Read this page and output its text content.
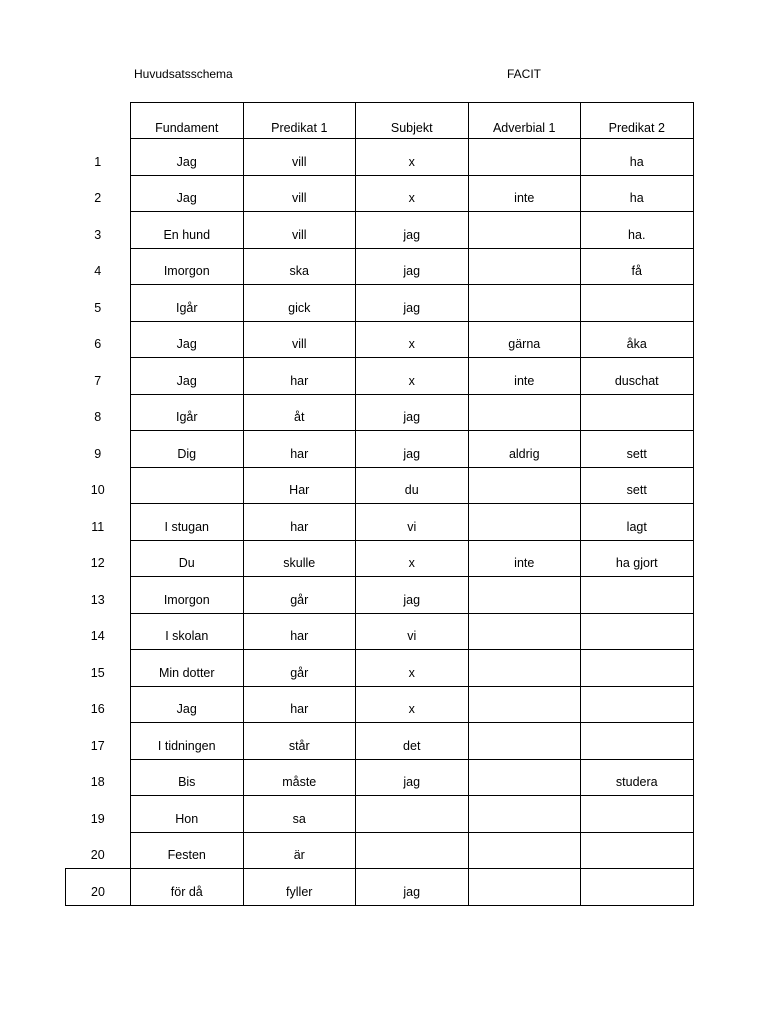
Huvudsatsschema	FACIT
	Fundament	Predikat 1	Subjekt	Adverbial 1	Predikat 2
1	Jag	vill	x		ha
2	Jag	vill	x	inte	ha
3	En hund	vill	jag		ha.
4	Imorgon	ska	jag		få
5	Igår	gick	jag		
6	Jag	vill	x	gärna	åka
7	Jag	har	x	inte	duschat
8	Igår	åt	jag		
9	Dig	har	jag	aldrig	sett
10		Har	du		sett
11	I stugan	har	vi		lagt
12	Du	skulle	x	inte	ha gjort
13	Imorgon	går	jag		
14	I skolan	har	vi		
15	Min dotter	går	x		
16	Jag	har	x		
17	I tidningen	står	det		
18	Bis	måste	jag		studera
19	Hon	sa			
20	Festen	är			
20	för då	fyller	jag		
